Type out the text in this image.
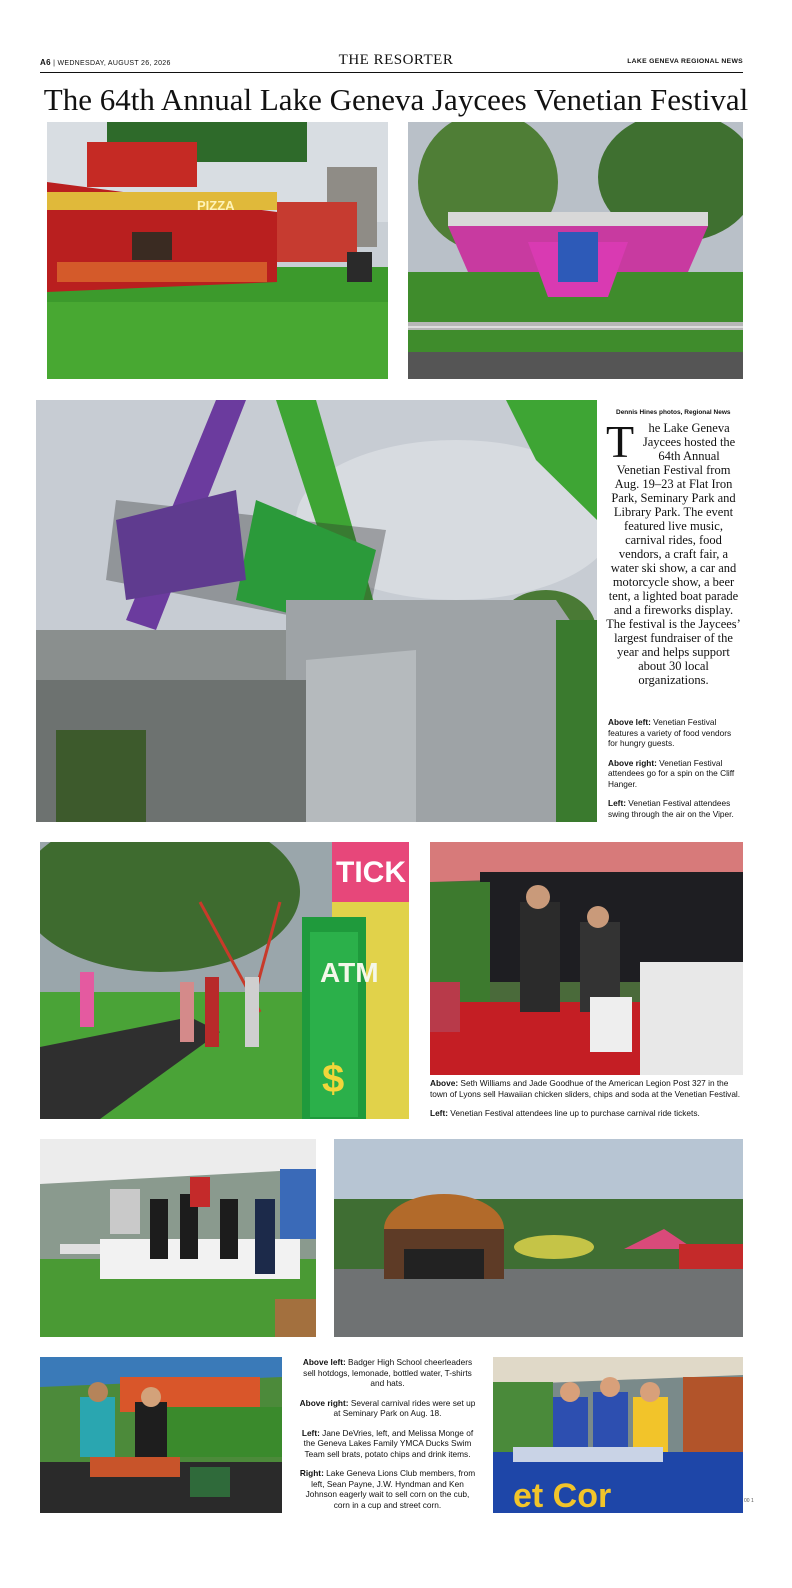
A6 | WEDNESDAY, AUGUST 26, 2026	THE RESORTER	LAKE GENEVA REGIONAL NEWS
The 64th Annual Lake Geneva Jaycees Venetian Festival
PIZZA
Dennis Hines photos, Regional News
T he Lake Geneva Jaycees hosted the 64th Annual Venetian Festival from Aug. 19–23 at Flat Iron Park, Seminary Park and Library Park. The event featured live music, carnival rides, food vendors, a craft fair, a water ski show, a car and motorcycle show, a beer tent, a lighted boat parade and a fireworks display. The festival is the Jaycees’ largest fundraiser of the year and helps support about 30 local organizations.

Above left: Venetian Festival features a variety of food vendors for hungry guests.

Above right: Venetian Festival attendees go for a spin on the Cliff Hanger.

Left: Venetian Festival attendees swing through the air on the Viper.

TICK
ATM
$	Above: Seth Williams and Jade Goodhue of the American Legion Post 327 in the town of Lyons sell Hawaiian chicken sliders, chips and soda at the Venetian Festival.

Left: Venetian Festival attendees line up to purchase carnival ride tickets.

Above left: Badger High School cheerleaders sell hotdogs, lemonade, bottled water, T-shirts and hats.

Above right: Several carnival rides were set up at Seminary Park on Aug. 18.

Left: Jane DeVries, left, and Melissa Monge of the Geneva Lakes Family YMCA Ducks Swim Team sell brats, potato chips and drink items.

Right: Lake Geneva Lions Club members, from left, Sean Payne, J.W. Hyndman and Ken Johnson eagerly wait to sell corn on the cub, corn in a cup and street corn.	et Cor	00 1
